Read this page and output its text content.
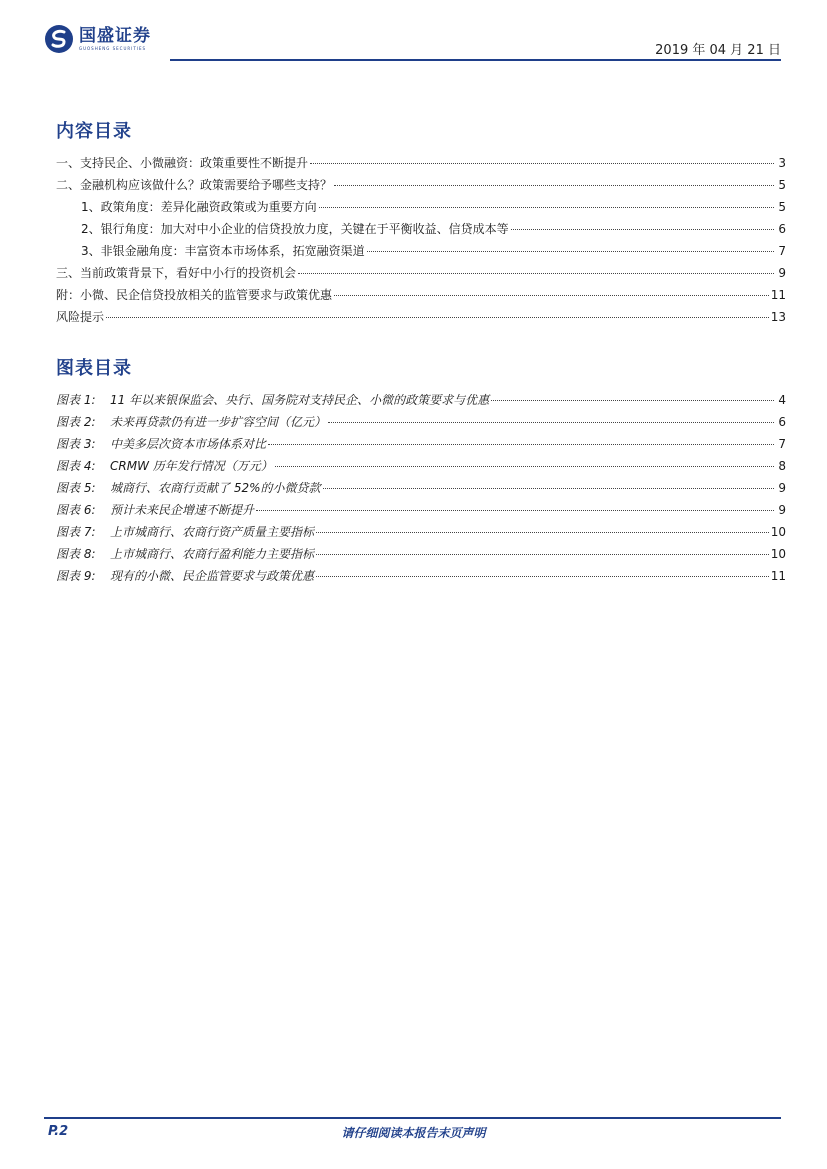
国盛证券
GUOSHENG SECURITIES	2019 年 04 月 21 日
内容目录
一、支持民企、小微融资：政策重要性不断提升	3
二、金融机构应该做什么？政策需要给予哪些支持？	5
1、政策角度：差异化融资政策或为重要方向	5
2、银行角度：加大对中小企业的信贷投放力度，关键在于平衡收益、信贷成本等	6
3、非银金融角度：丰富资本市场体系，拓宽融资渠道	7
三、当前政策背景下，看好中小行的投资机会	9
附：小微、民企信贷投放相关的监管要求与政策优惠	11
风险提示	13
图表目录
图表 1:	11 年以来银保监会、央行、国务院对支持民企、小微的政策要求与优惠	4
图表 2:	未来再贷款仍有进一步扩容空间（亿元）	6
图表 3:	中美多层次资本市场体系对比	7
图表 4:	CRMW 历年发行情况（万元）	8
图表 5:	城商行、农商行贡献了 52%的小微贷款	9
图表 6:	预计未来民企增速不断提升	9
图表 7:	上市城商行、农商行资产质量主要指标	10
图表 8:	上市城商行、农商行盈利能力主要指标	10
图表 9:	现有的小微、民企监管要求与政策优惠	11
P.2	请仔细阅读本报告末页声明
